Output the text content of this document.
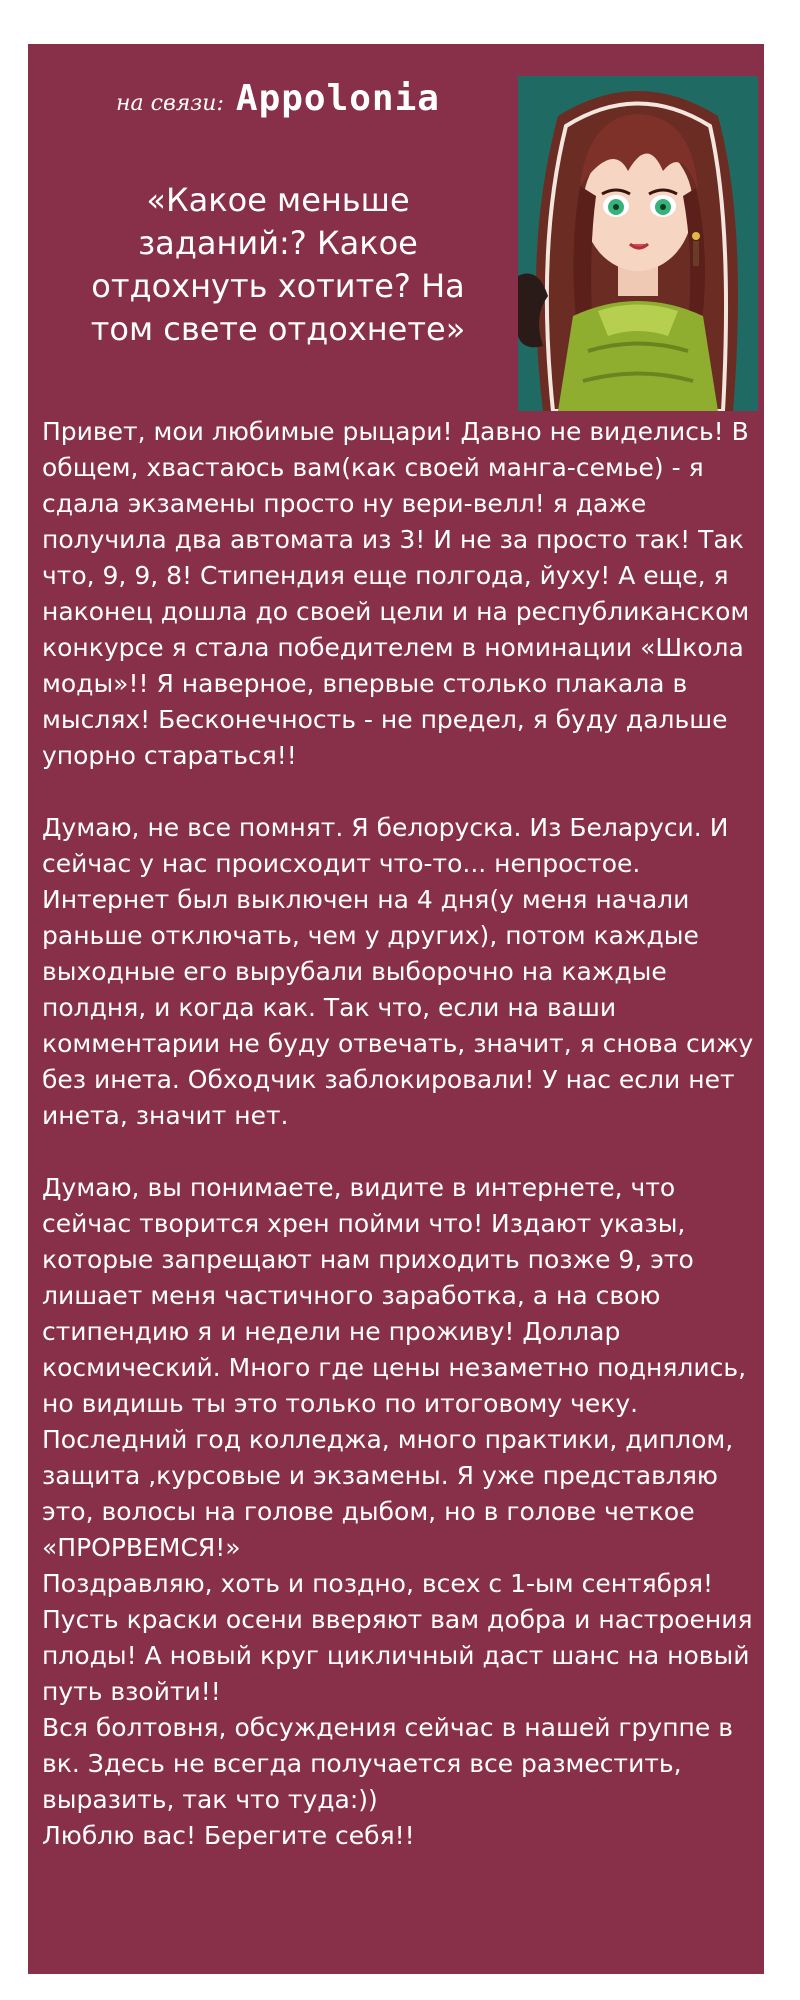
на связи: Appolonia
«Какое меньше заданий:? Какое отдохнуть хотите? На том свете отдохнете»

Привет, мои любимые рыцари! Давно не виделись! В общем, хвастаюсь вам(как своей манга-семье) - я сдала экзамены просто ну вери-велл! я даже получила два автомата из 3! И не за просто так! Так что, 9, 9, 8! Стипендия еще полгода, йуху! А еще, я наконец дошла до своей цели и на республиканском конкурсе я стала победителем в номинации «Школа моды»!! Я наверное, впервые столько плакала в мыслях! Бесконечность - не предел, я буду дальше упорно стараться!!

Думаю, не все помнят. Я белоруска. Из Беларуси. И сейчас у нас происходит что-то... непростое. Интернет был выключен на 4 дня(у меня начали раньше отключать, чем у других), потом каждые выходные его вырубали выборочно на каждые полдня, и когда как. Так что, если на ваши комментарии не буду отвечать, значит, я снова сижу без инета. Обходчик заблокировали! У нас если нет инета, значит нет.

Думаю, вы понимаете, видите в интернете, что сейчас творится хрен пойми что! Издают указы, которые запрещают нам приходить позже 9, это лишает меня частичного заработка, а на свою стипендию я и недели не проживу! Доллар космический. Много где цены незаметно поднялись, но видишь ты это только по итоговому чеку.
Последний год колледжа, много практики, диплом, защита ,курсовые и экзамены. Я уже представляю это, волосы на голове дыбом, но в голове четкое «ПРОРВЕМСЯ!»
Поздравляю, хоть и поздно, всех с 1-ым сентября! Пусть краски осени вверяют вам добра и настроения плоды! А новый круг цикличный даст шанс на новый путь взойти!!
Вся болтовня, обсуждения сейчас в нашей группе в вк. Здесь не всегда получается все разместить, выразить, так что туда:))
Люблю вас! Берегите себя!!
